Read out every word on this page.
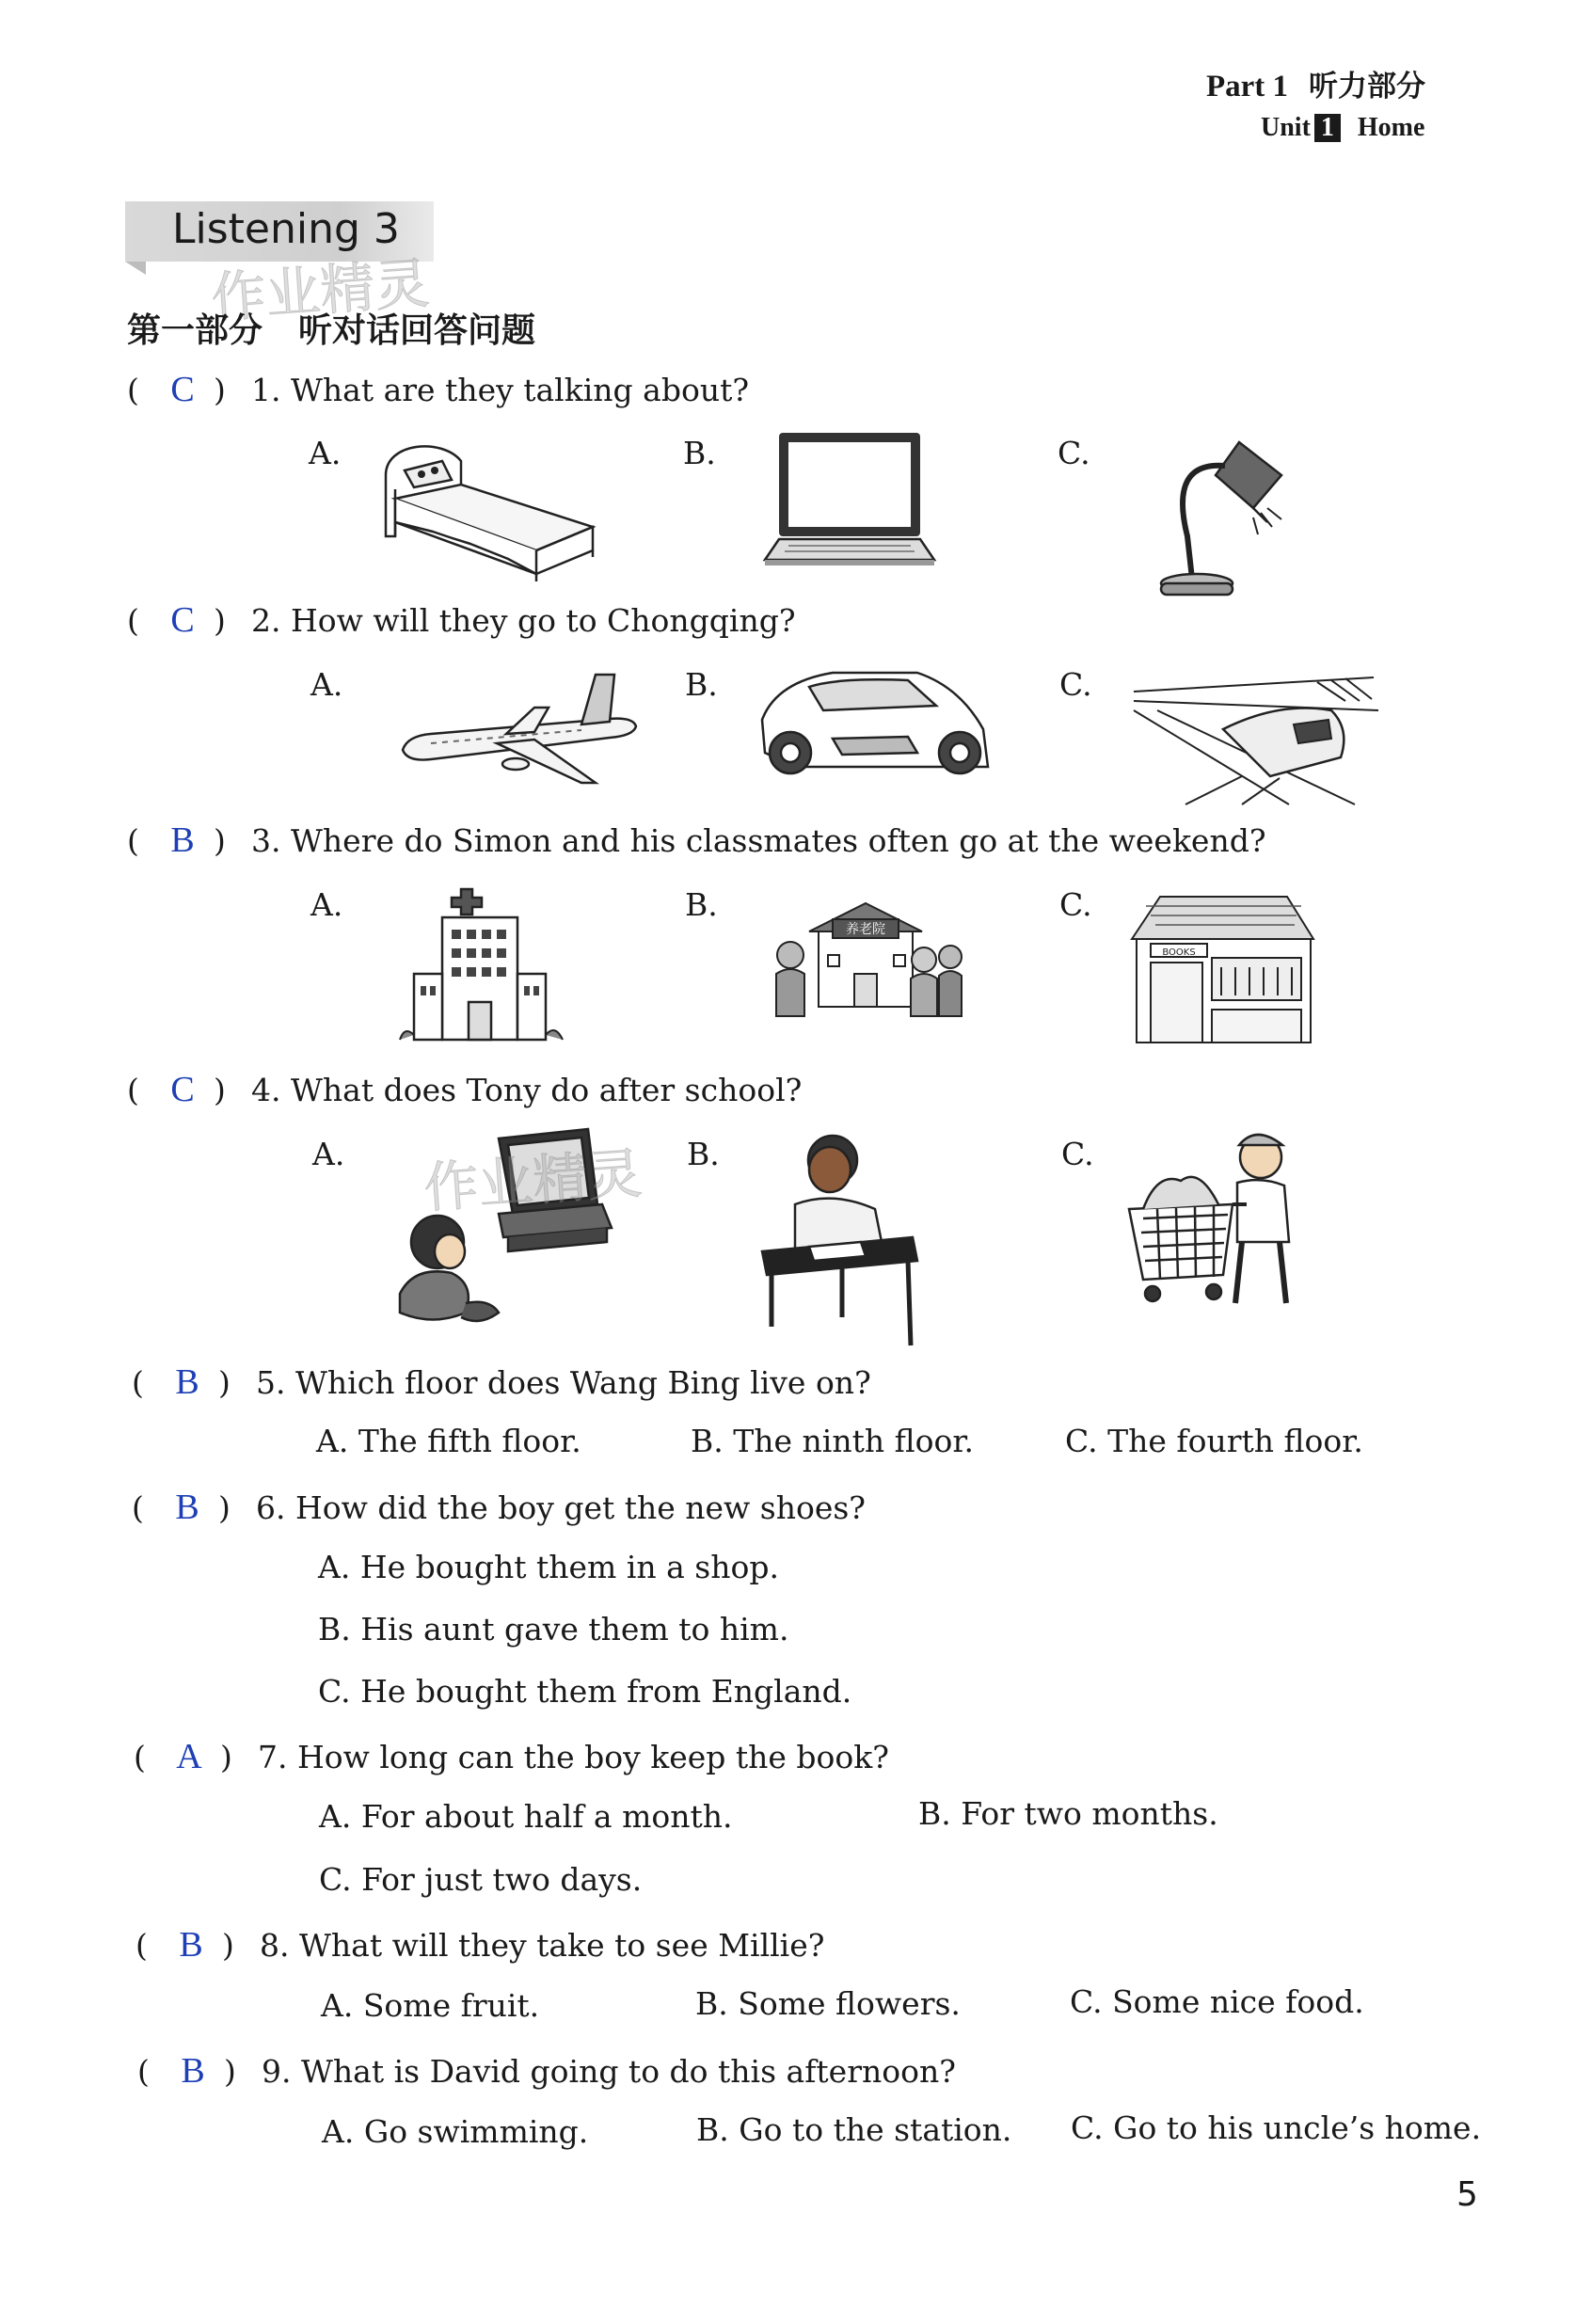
Part 1 听力部分
Unit 1 Home
Listening 3
作业精灵
第一部分 听对话回答问题
( C ) 1. What are they talking about?
A.	B.	C.
( C ) 2. How will they go to Chongqing?
A.	B.	C.
( B ) 3. Where do Simon and his classmates often go at the weekend?
A.	B.	C.
养老院
BOOKS
( C ) 4. What does Tony do after school?
A.	B.	C.
作业精灵
( B ) 5. Which floor does Wang Bing live on?
A. The fifth floor.	B. The ninth floor.	C. The fourth floor.
( B ) 6. How did the boy get the new shoes?
A. He bought them in a shop.
B. His aunt gave them to him.
C. He bought them from England.
( A ) 7. How long can the boy keep the book?
A. For about half a month.	B. For two months.
C. For just two days.
( B ) 8. What will they take to see Millie?
A. Some fruit.	B. Some flowers.	C. Some nice food.
( B ) 9. What is David going to do this afternoon?
A. Go swimming.	B. Go to the station. C. Go to his uncle’s home.
5
